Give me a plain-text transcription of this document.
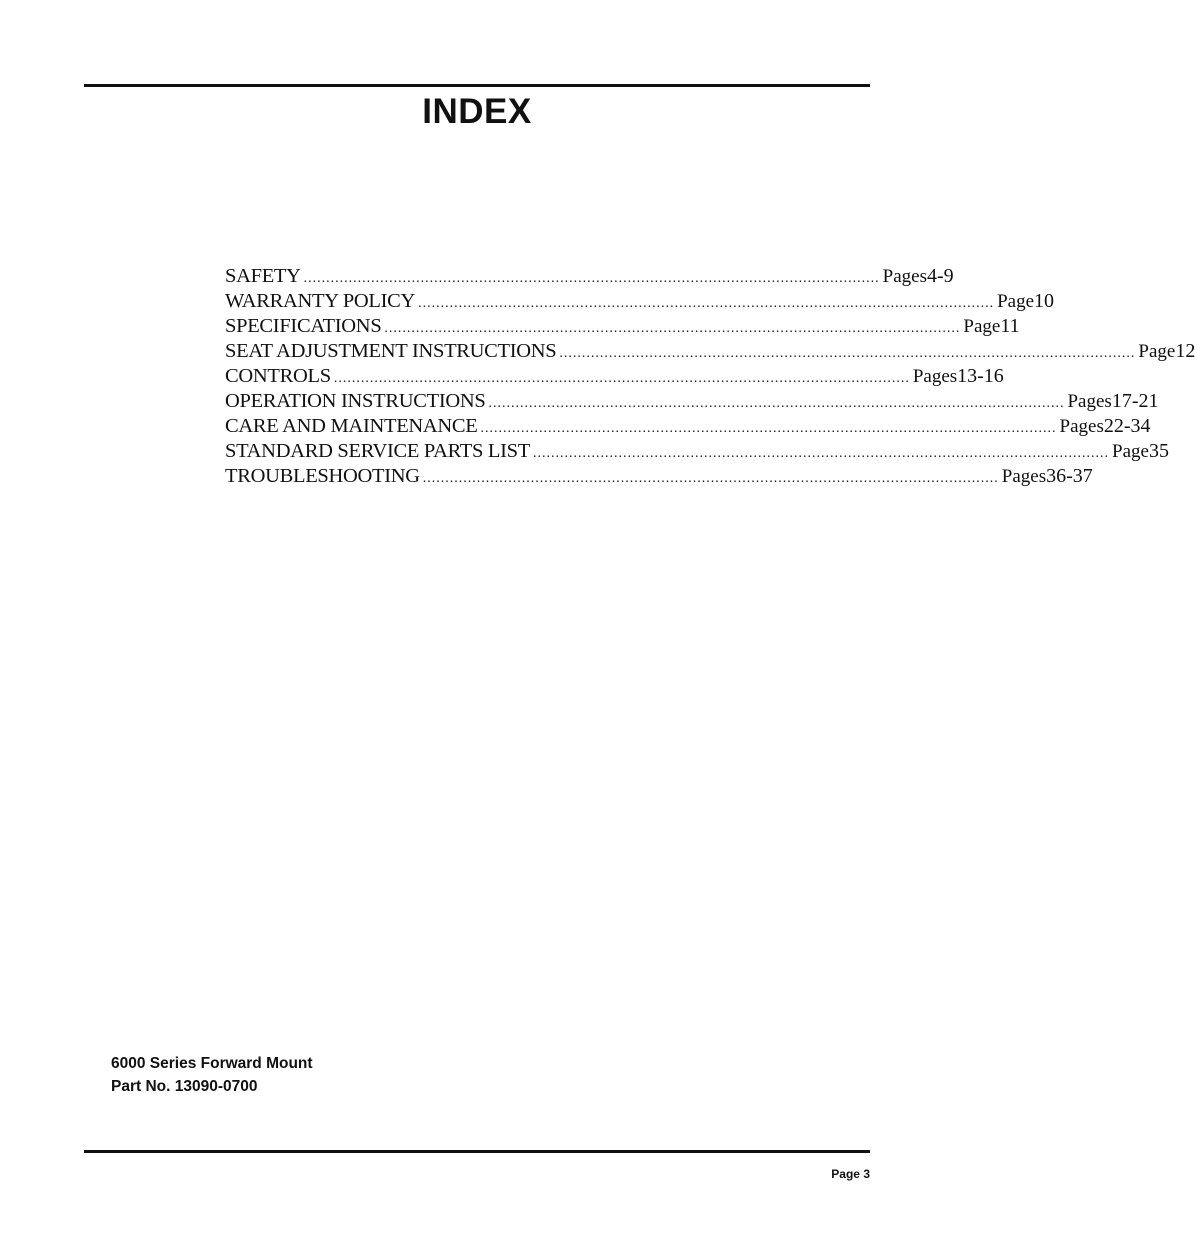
INDEX
SAFETY ................................................................................................................................ Pages 4-9
WARRANTY POLICY ................................................................................................................................ Page 10
SPECIFICATIONS ................................................................................................................................ Page 11
SEAT ADJUSTMENT INSTRUCTIONS ................................................................................................................................ Page 12
CONTROLS ................................................................................................................................ Pages 13-16
OPERATION INSTRUCTIONS ................................................................................................................................ Pages 17-21
CARE AND MAINTENANCE ................................................................................................................................ Pages 22-34
STANDARD SERVICE PARTS LIST ................................................................................................................................ Page 35
TROUBLESHOOTING ................................................................................................................................ Pages 36-37
6000 Series Forward Mount
Part No. 13090-0700
Page 3
